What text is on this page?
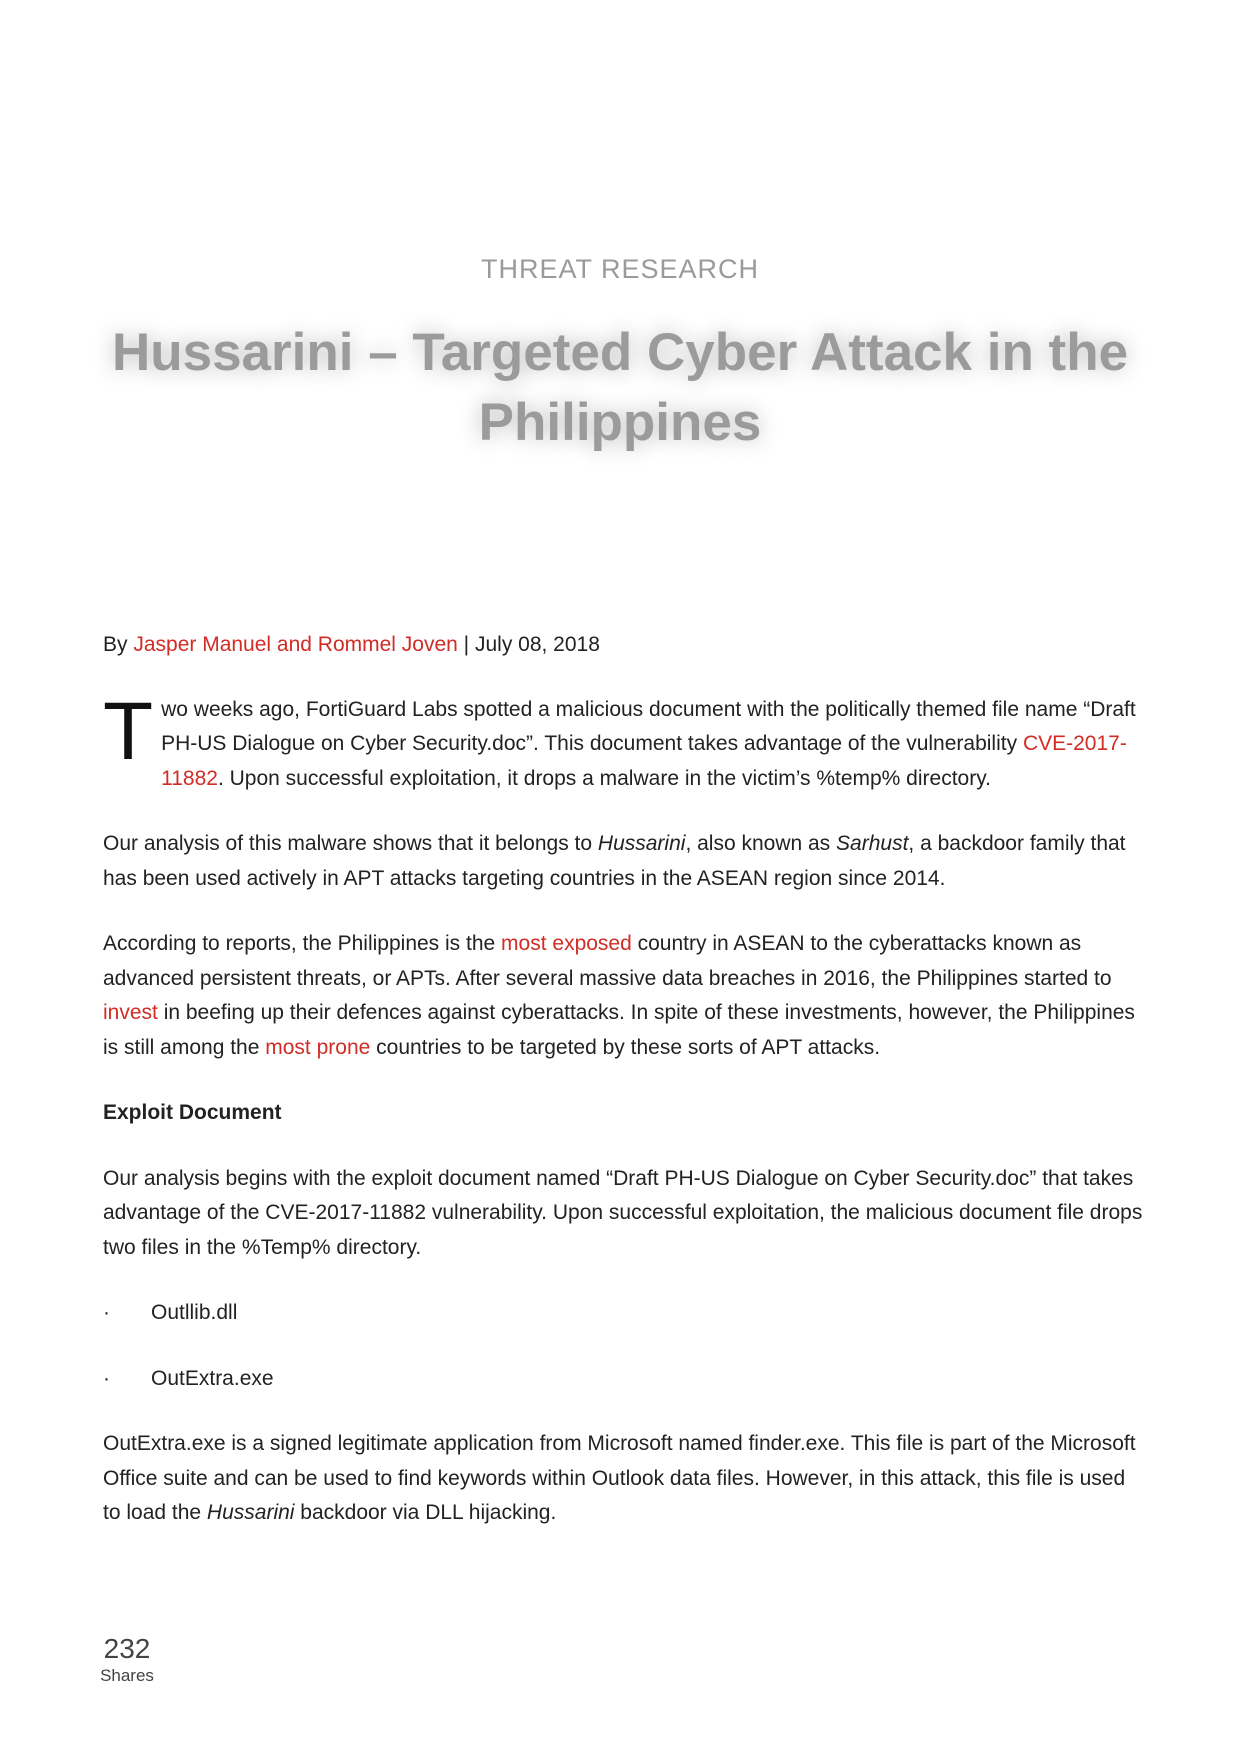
THREAT RESEARCH
Hussarini – Targeted Cyber Attack in the Philippines

By Jasper Manuel and Rommel Joven | July 08, 2018

Two weeks ago, FortiGuard Labs spotted a malicious document with the politically themed file name “Draft PH-US Dialogue on Cyber Security.doc”. This document takes advantage of the vulnerability CVE-2017-11882. Upon successful exploitation, it drops a malware in the victim’s %temp% directory.

Our analysis of this malware shows that it belongs to Hussarini, also known as Sarhust, a backdoor family that has been used actively in APT attacks targeting countries in the ASEAN region since 2014.

According to reports, the Philippines is the most exposed country in ASEAN to the cyberattacks known as advanced persistent threats, or APTs. After several massive data breaches in 2016, the Philippines started to invest in beefing up their defences against cyberattacks. In spite of these investments, however, the Philippines is still among the most prone countries to be targeted by these sorts of APT attacks.

Exploit Document

Our analysis begins with the exploit document named “Draft PH-US Dialogue on Cyber Security.doc” that takes advantage of the CVE-2017-11882 vulnerability. Upon successful exploitation, the malicious document file drops two files in the %Temp% directory.

·	Outllib.dll
·	OutExtra.exe

OutExtra.exe is a signed legitimate application from Microsoft named finder.exe. This file is part of the Microsoft Office suite and can be used to find keywords within Outlook data files. However, in this attack, this file is used to load the Hussarini backdoor via DLL hijacking.

232
Shares
